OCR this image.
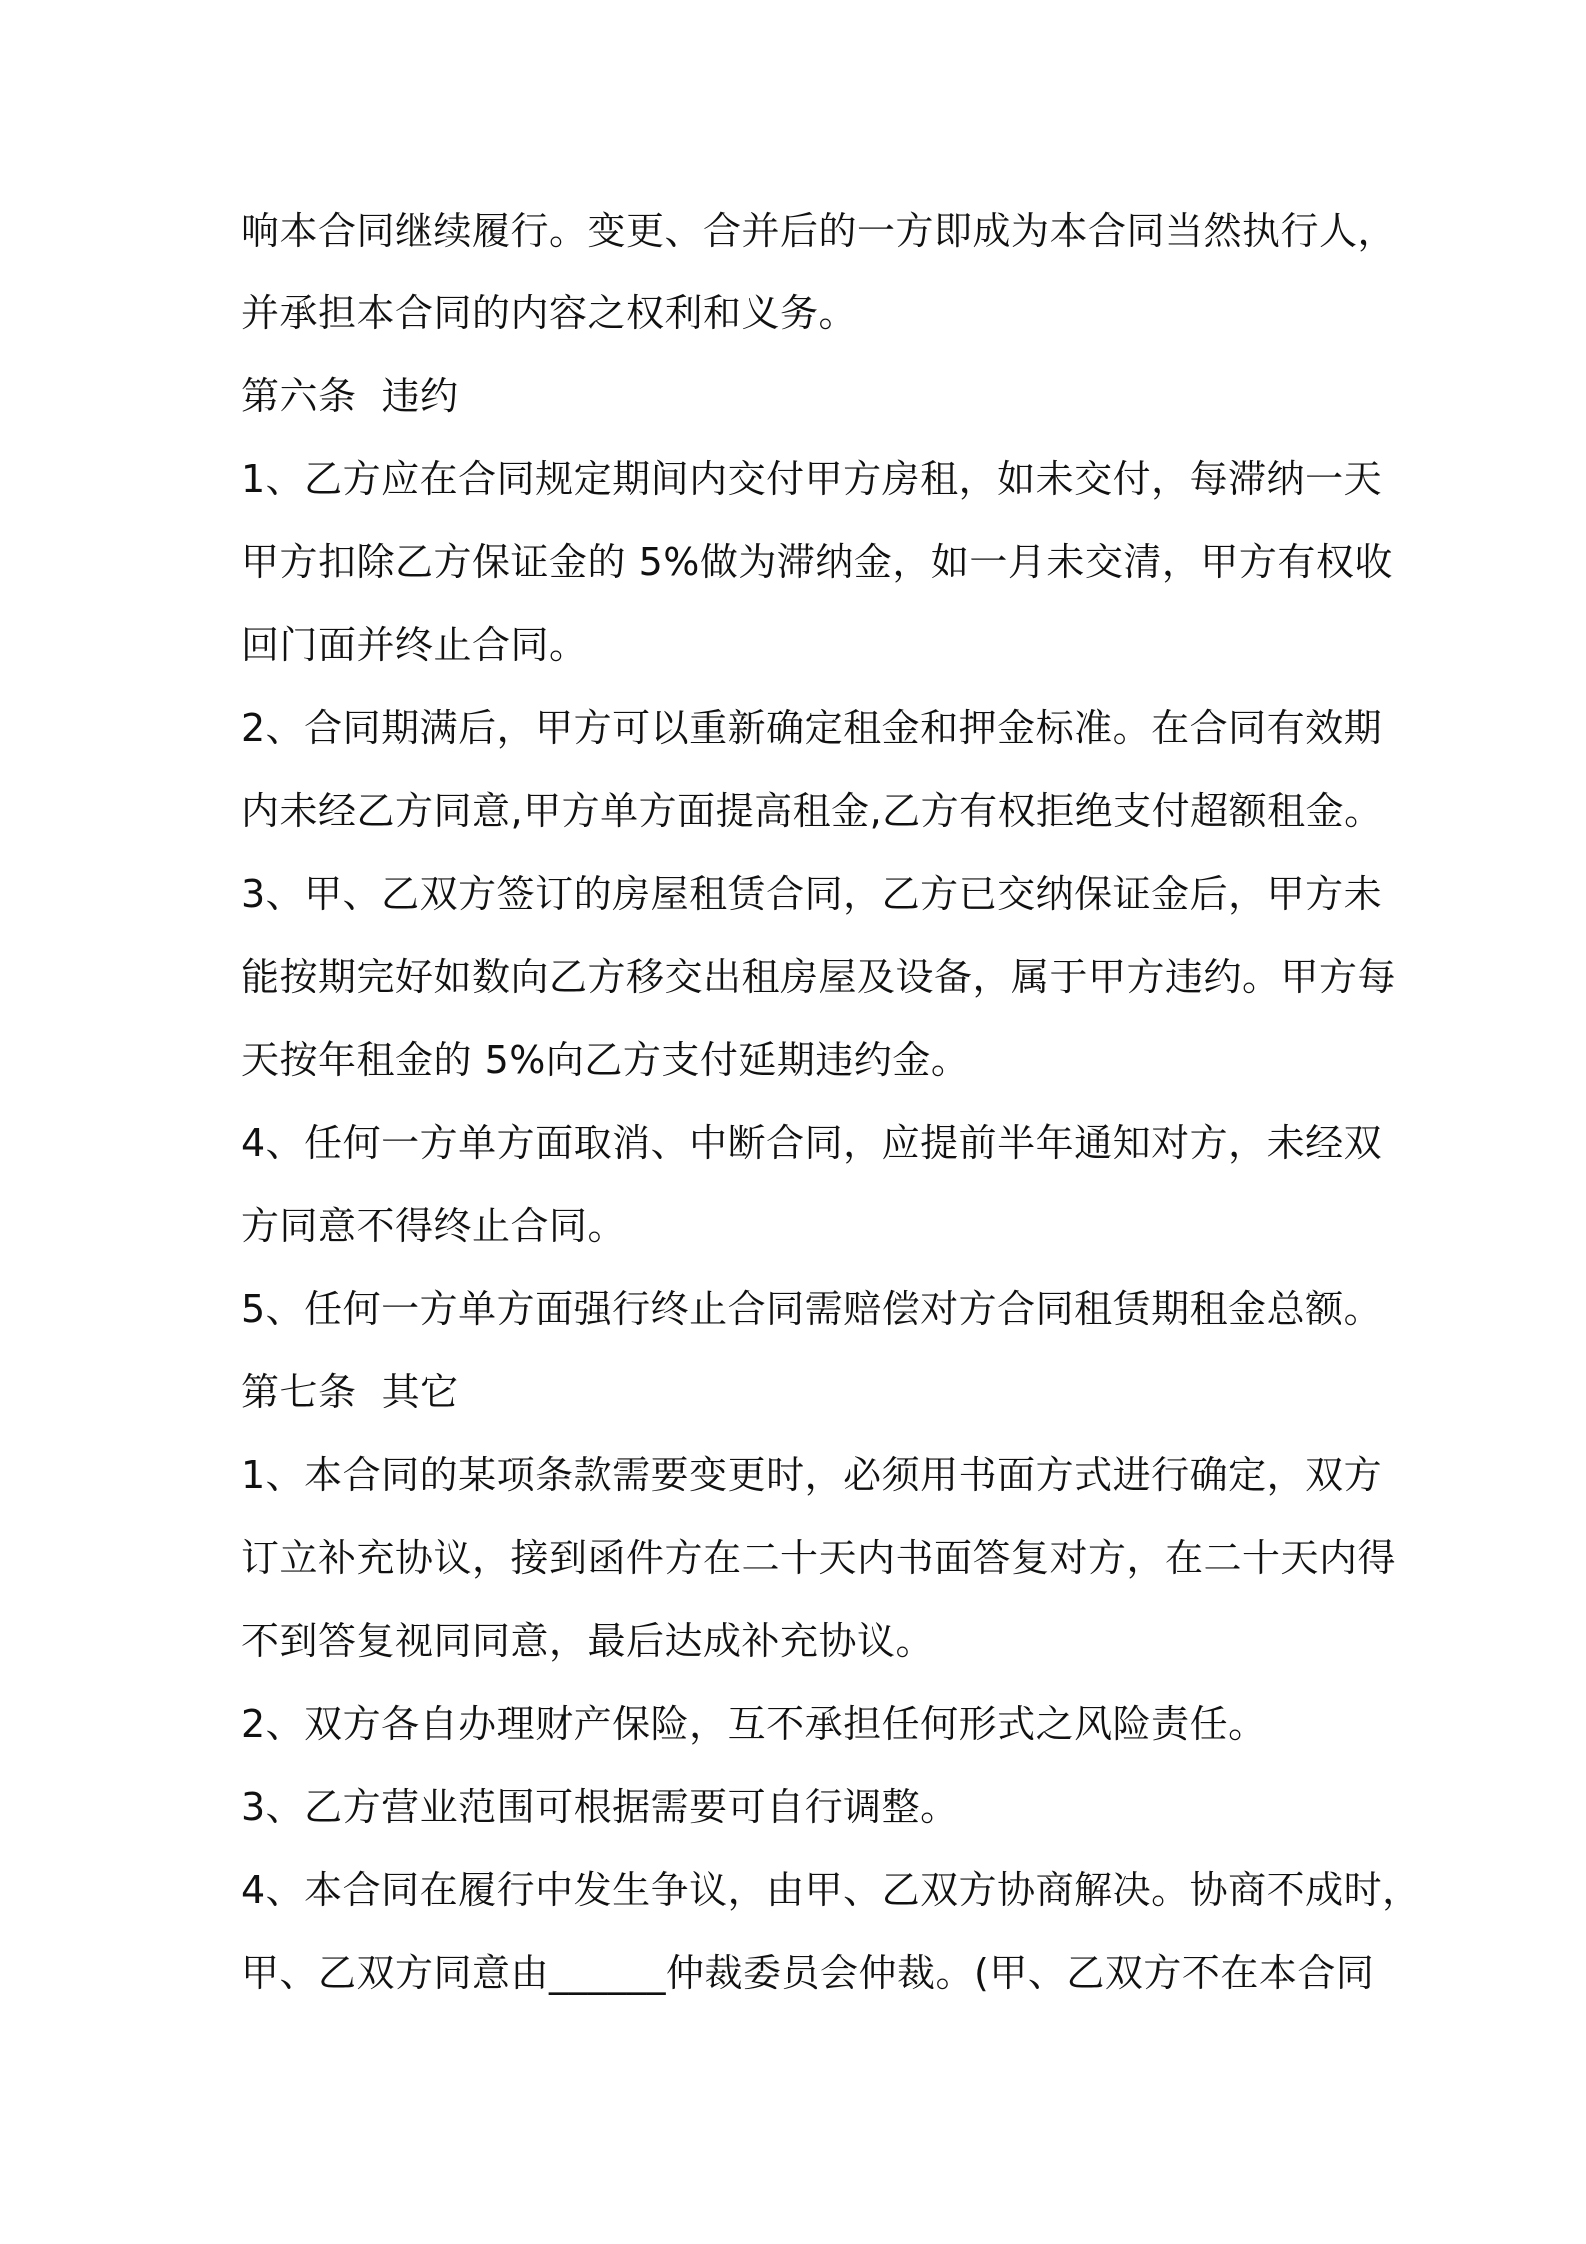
响本合同继续履行。变更、合并后的一方即成为本合同当然执行人，
并承担本合同的内容之权利和义务。
第六条  违约
1、乙方应在合同规定期间内交付甲方房租，如未交付，每滞纳一天
甲方扣除乙方保证金的 5%做为滞纳金，如一月未交清，甲方有权收
回门面并终止合同。
2、合同期满后，甲方可以重新确定租金和押金标准。在合同有效期
内未经乙方同意,甲方单方面提高租金,乙方有权拒绝支付超额租金。
3、甲、乙双方签订的房屋租赁合同，乙方已交纳保证金后，甲方未
能按期完好如数向乙方移交出租房屋及设备，属于甲方违约。甲方每
天按年租金的 5%向乙方支付延期违约金。
4、任何一方单方面取消、中断合同，应提前半年通知对方，未经双
方同意不得终止合同。
5、任何一方单方面强行终止合同需赔偿对方合同租赁期租金总额。
第七条  其它
1、本合同的某项条款需要变更时，必须用书面方式进行确定，双方
订立补充协议，接到函件方在二十天内书面答复对方，在二十天内得
不到答复视同同意，最后达成补充协议。
2、双方各自办理财产保险，互不承担任何形式之风险责任。
3、乙方营业范围可根据需要可自行调整。
4、本合同在履行中发生争议，由甲、乙双方协商解决。协商不成时，
甲、乙双方同意由______仲裁委员会仲裁。(甲、乙双方不在本合同
